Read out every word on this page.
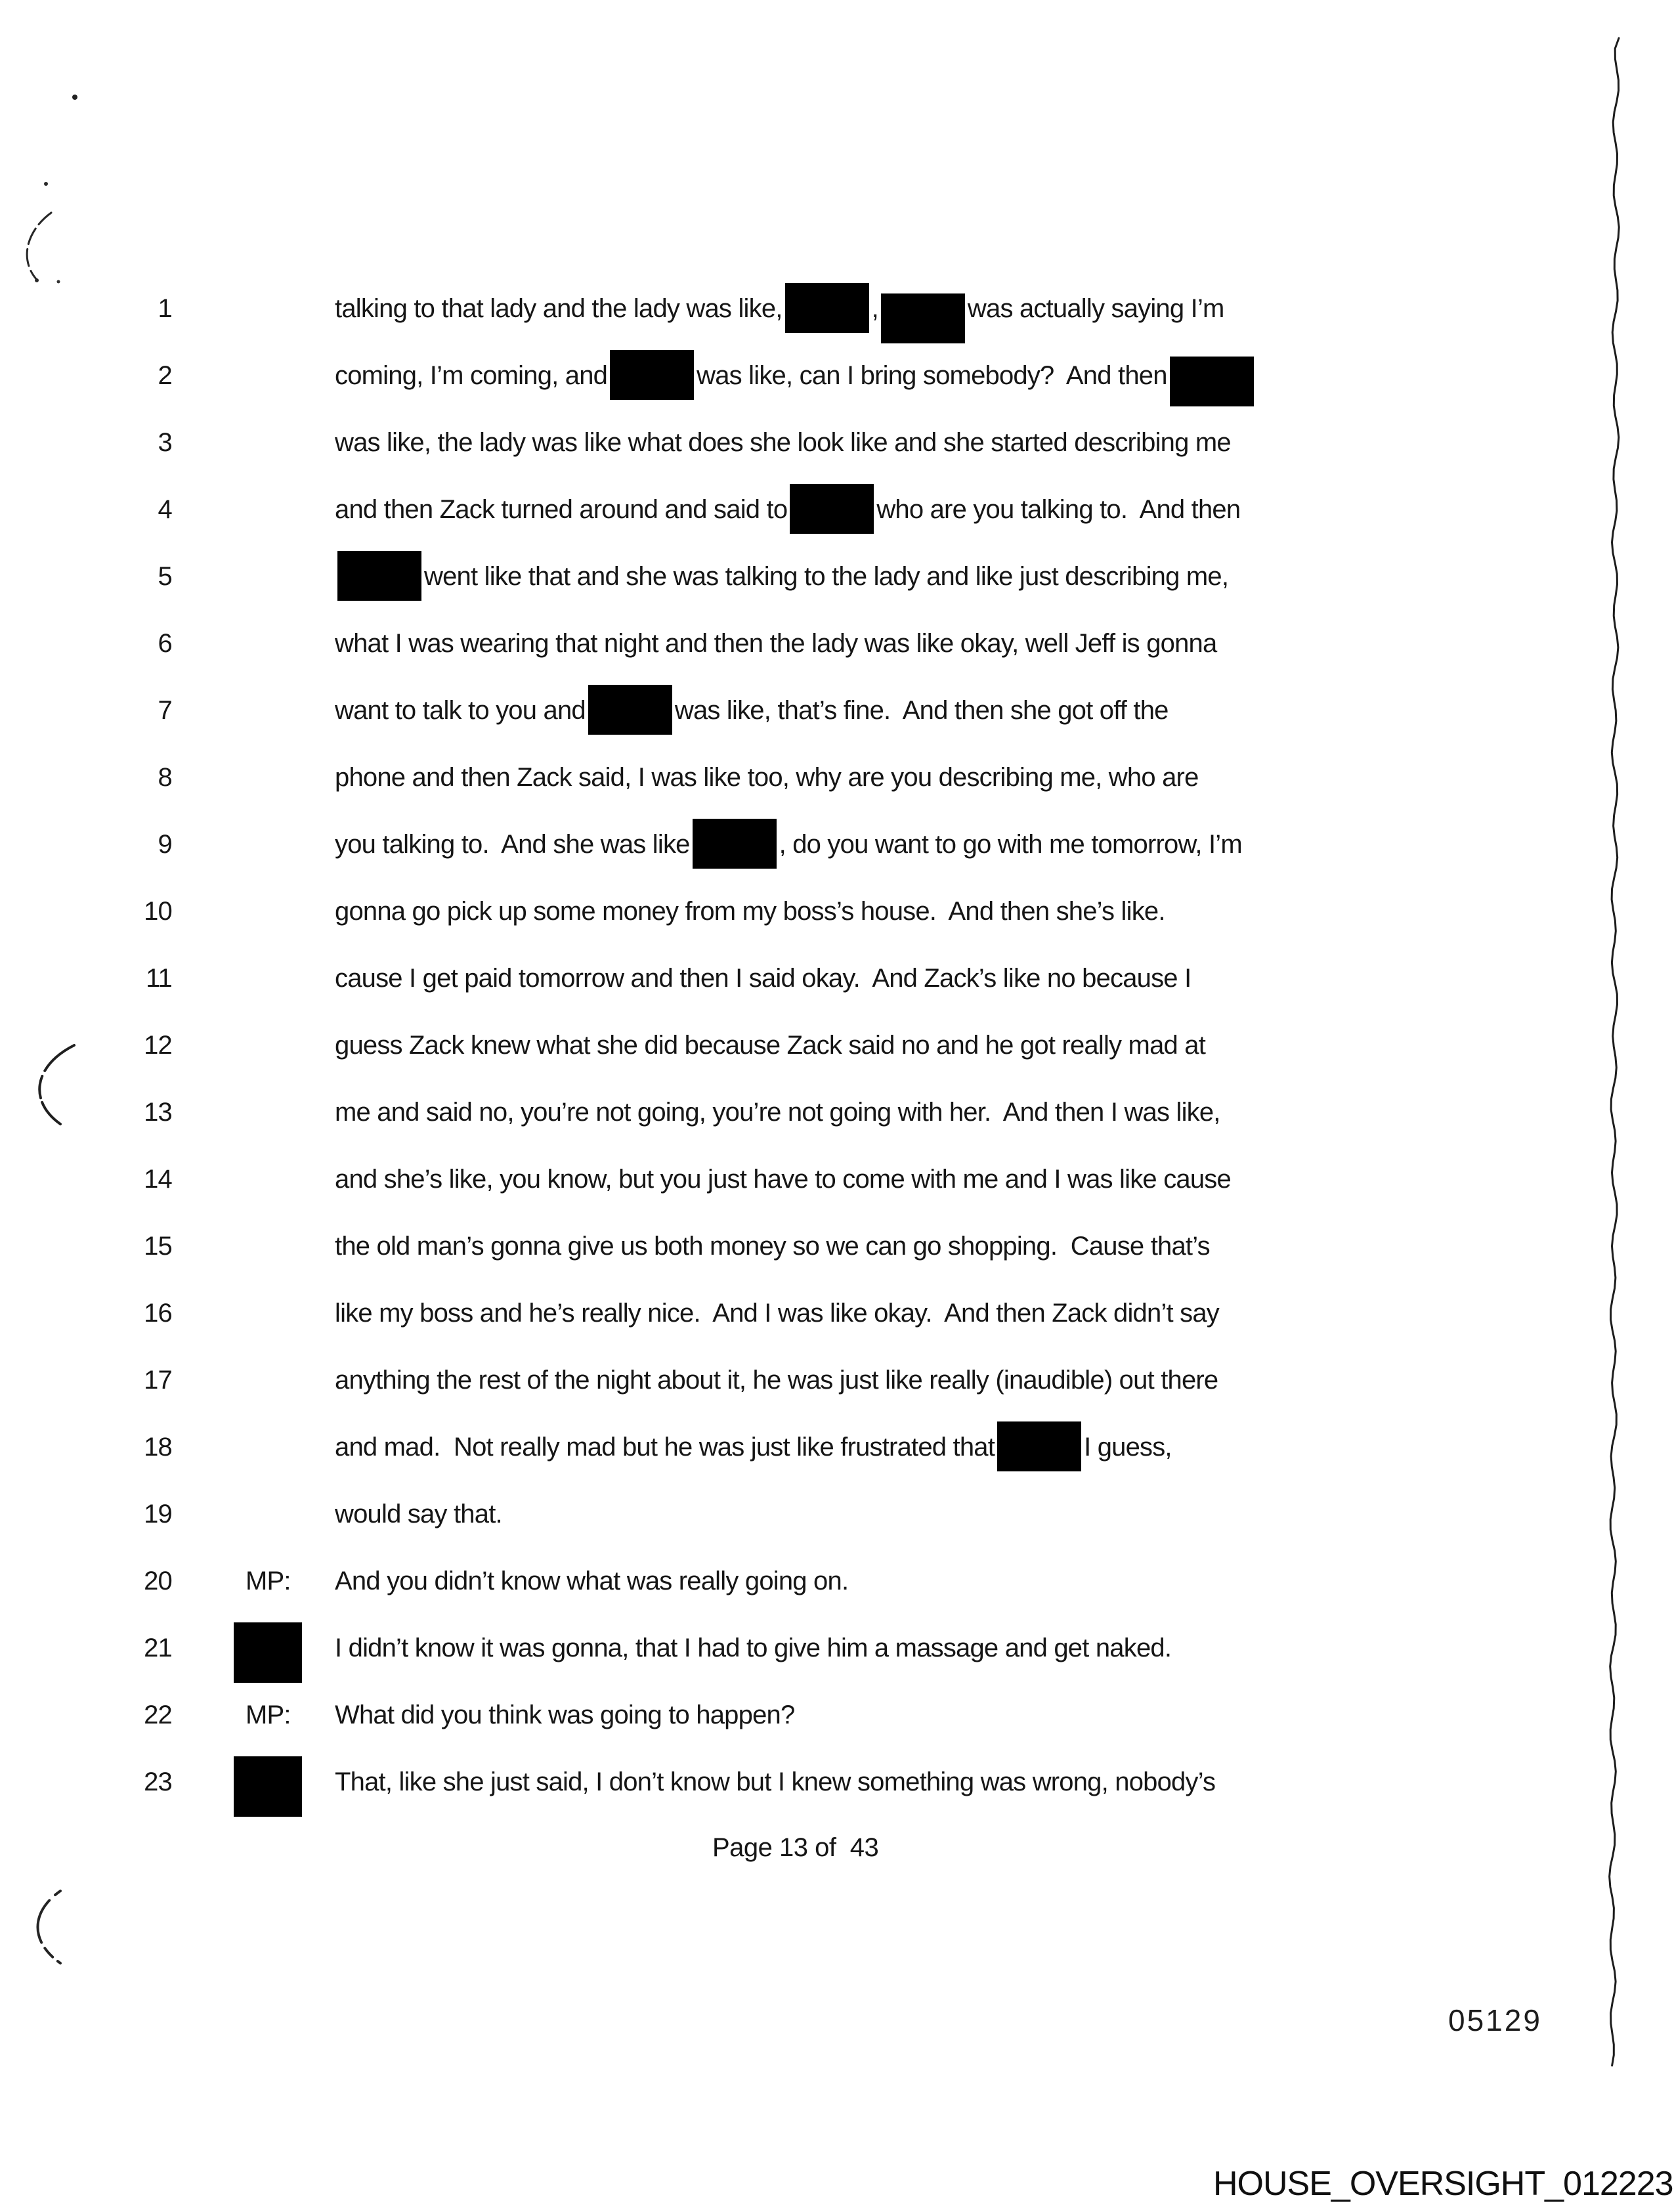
1	talking to that lady and the lady was like,	,	was actually saying I’m
2	coming, I’m coming, and	was like, can I bring somebody?  And then
3	was like, the lady was like what does she look like and she started describing me
4	and then Zack turned around and said to	who are you talking to.  And then
5	went like that and she was talking to the lady and like just describing me,
6	what I was wearing that night and then the lady was like okay, well Jeff is gonna
7	want to talk to you and	was like, that’s fine.  And then she got off the
8	phone and then Zack said, I was like too, why are you describing me, who are
9	you talking to.  And she was like	, do you want to go with me tomorrow, I’m
10	gonna go pick up some money from my boss’s house.  And then she’s like.
11	cause I get paid tomorrow and then I said okay.  And Zack’s like no because I
12	guess Zack knew what she did because Zack said no and he got really mad at
13	me and said no, you’re not going, you’re not going with her.  And then I was like,
14	and she’s like, you know, but you just have to come with me and I was like cause
15	the old man’s gonna give us both money so we can go shopping.  Cause that’s
16	like my boss and he’s really nice.  And I was like okay.  And then Zack didn’t say
17	anything the rest of the night about it, he was just like really (inaudible) out there
18	and mad.  Not really mad but he was just like frustrated that	I guess,
19	would say that.
20	MP: And you didn’t know what was really going on.
21	I didn’t know it was gonna, that I had to give him a massage and get naked.
22	MP: What did you think was going to happen?
23	That, like she just said, I don’t know but I knew something was wrong, nobody’s
Page 13 of  43
05129
HOUSE_OVERSIGHT_012223
